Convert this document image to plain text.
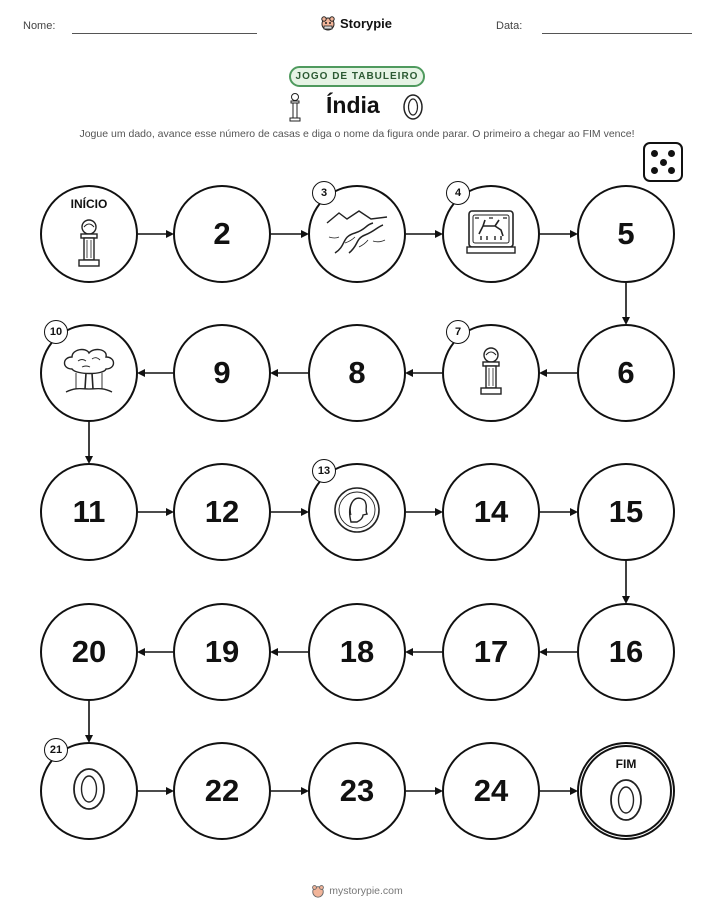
Nome:	Storypie	Data:
JOGO DE TABULEIRO
Índia
Jogue um dado, avance esse número de casas e diga o nome da figura onde parar. O primeiro a chegar ao FIM vence!
INÍCIO
2
3	4
5
6
7
8
9
10
11	12
13
14	15
16
17
18
19
20
21
22	23	24
FIM
mystorypie.com
